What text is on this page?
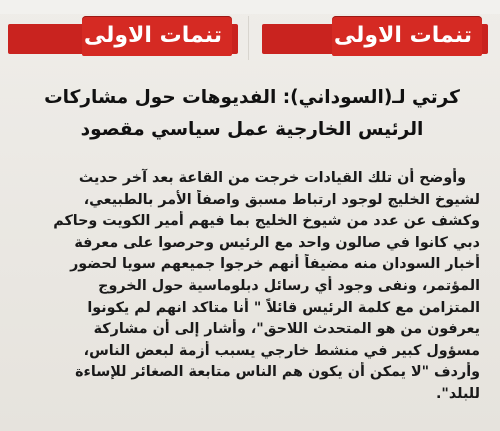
تنمات الاولى	تنمات الاولى
كرتي لـ(السوداني): الفديوهات حول مشاركات
الرئيس الخارجية عمل سياسي مقصود
وأوضح أن تلك القيادات خرجت من القاعة بعد آخر حديث
لشيوخ الخليج لوجود ارتباط مسبق واصفاً الأمر بالطبيعي،
وكشف عن عدد من شيوخ الخليج بما فيهم أمير الكويت وحاكم
دبي كانوا في صالون واحد مع الرئيس وحرصوا على معرفة
أخبار السودان منه مضيفاً أنهم خرجوا جميعهم سويا لحضور
المؤتمر، ونفى وجود أي رسائل دبلوماسية حول الخروج
المتزامن مع كلمة الرئيس قائلاً " أنا متاكد انهم لم يكونوا
يعرفون من هو المتحدث اللاحق"، وأشار إلى أن مشاركة
مسؤول كبير في منشط خارجي يسبب أزمة لبعض الناس،
وأردف "لا يمكن أن يكون هم الناس متابعة الصغائر للإساءة
للبلد".
